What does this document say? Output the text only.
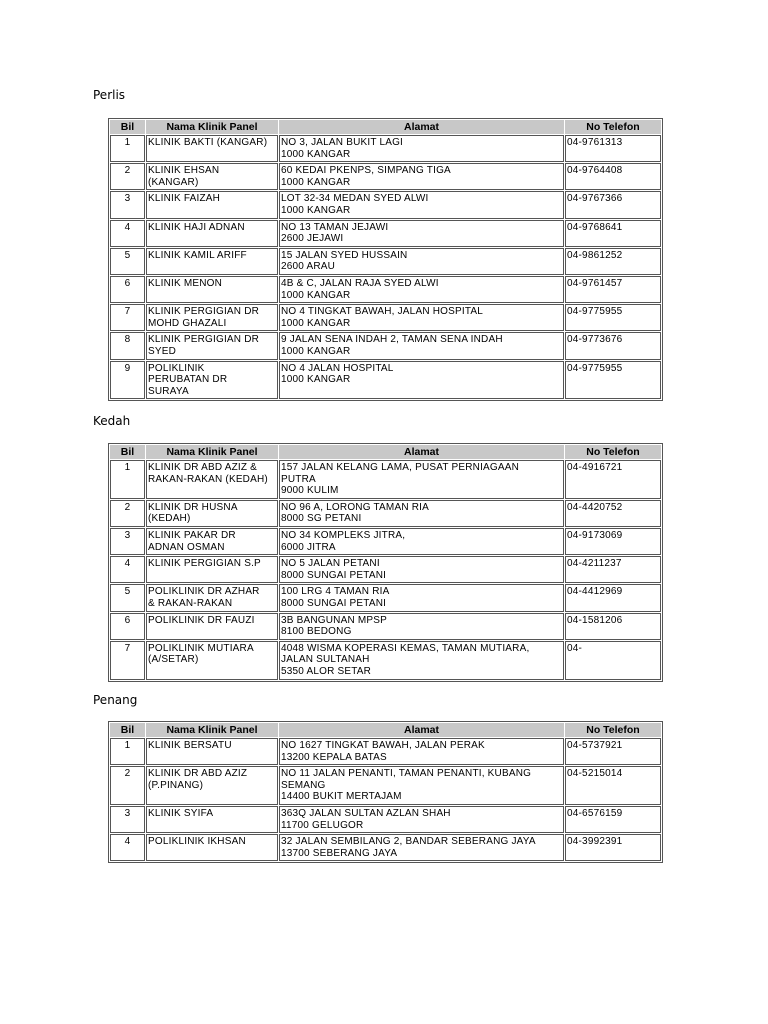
Perlis
Bil	Nama Klinik Panel	Alamat	No Telefon
1	KLINIK BAKTI (KANGAR)	NO 3, JALAN BUKIT LAGI
1000 KANGAR	04-9761313
2	KLINIK EHSAN
(KANGAR)	60 KEDAI PKENPS, SIMPANG TIGA
1000 KANGAR	04-9764408
3	KLINIK FAIZAH	LOT 32-34 MEDAN SYED ALWI
1000 KANGAR	04-9767366
4	KLINIK HAJI ADNAN	NO 13 TAMAN JEJAWI
2600 JEJAWI	04-9768641
5	KLINIK KAMIL ARIFF	15 JALAN SYED HUSSAIN
2600 ARAU	04-9861252
6	KLINIK MENON	4B & C, JALAN RAJA SYED ALWI
1000 KANGAR	04-9761457
7	KLINIK PERGIGIAN DR
MOHD GHAZALI	NO 4 TINGKAT BAWAH, JALAN HOSPITAL
1000 KANGAR	04-9775955
8	KLINIK PERGIGIAN DR
SYED	9 JALAN SENA INDAH 2, TAMAN SENA INDAH
1000 KANGAR	04-9773676
9	POLIKLINIK
PERUBATAN DR
SURAYA	NO 4 JALAN HOSPITAL
1000 KANGAR	04-9775955
Kedah
Bil	Nama Klinik Panel	Alamat	No Telefon
1	KLINIK DR ABD AZIZ &
RAKAN-RAKAN (KEDAH)	157 JALAN KELANG LAMA, PUSAT PERNIAGAAN
PUTRA
9000 KULIM	04-4916721
2	KLINIK DR HUSNA
(KEDAH)	NO 96 A, LORONG TAMAN RIA
8000 SG PETANI	04-4420752
3	KLINIK PAKAR DR
ADNAN OSMAN	NO 34 KOMPLEKS JITRA,
6000 JITRA	04-9173069
4	KLINIK PERGIGIAN S.P	NO 5 JALAN PETANI
8000 SUNGAI PETANI	04-4211237
5	POLIKLINIK DR AZHAR
& RAKAN-RAKAN	100 LRG 4 TAMAN RIA
8000 SUNGAI PETANI	04-4412969
6	POLIKLINIK DR FAUZI	3B BANGUNAN MPSP
8100 BEDONG	04-1581206
7	POLIKLINIK MUTIARA
(A/SETAR)	4048 WISMA KOPERASI KEMAS, TAMAN MUTIARA,
JALAN SULTANAH
5350 ALOR SETAR	04-
Penang
Bil	Nama Klinik Panel	Alamat	No Telefon
1	KLINIK BERSATU	NO 1627 TINGKAT BAWAH, JALAN PERAK
13200 KEPALA BATAS	04-5737921
2	KLINIK DR ABD AZIZ
(P.PINANG)	NO 11 JALAN PENANTI, TAMAN PENANTI, KUBANG
SEMANG
14400 BUKIT MERTAJAM	04-5215014
3	KLINIK SYIFA	363Q JALAN SULTAN AZLAN SHAH
11700 GELUGOR	04-6576159
4	POLIKLINIK IKHSAN	32 JALAN SEMBILANG 2, BANDAR SEBERANG JAYA
13700 SEBERANG JAYA	04-3992391
